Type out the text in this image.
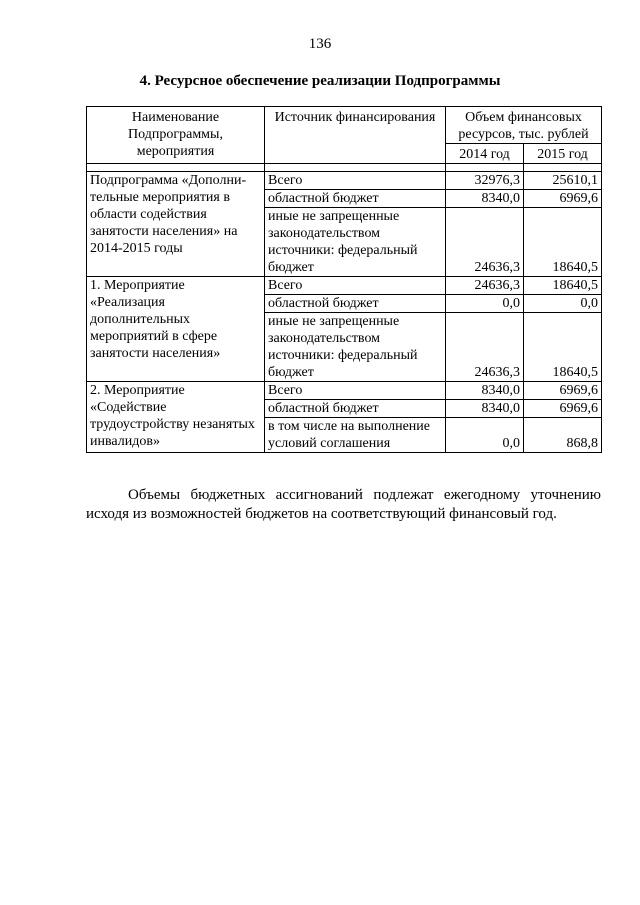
136
4. Ресурсное обеспечение реализации Подпрограммы
Наименование Подпрограммы, мероприятия	Источник финансирования	Объем финансовых ресурсов, тыс. рублей	
		2014 год	2015 год

Подпрограмма «Дополни-тельные мероприятия в области содействия занятости населения» на 2014-2015 годы	Всего	32976,3	25610,1
	областной бюджет	8340,0	6969,6
	иные не запрещенные законодательством источники: федеральный бюджет	24636,3	18640,5
1. Мероприятие «Реализация дополнительных мероприятий в сфере занятости населения»	Всего	24636,3	18640,5
	областной бюджет	0,0	0,0
	иные не запрещенные законодательством источники: федеральный бюджет	24636,3	18640,5
2. Мероприятие «Содействие трудоустройству незанятых инвалидов»	Всего	8340,0	6969,6
	областной бюджет	8340,0	6969,6
	в том числе на выполнение условий соглашения	0,0	868,8
Объемы бюджетных ассигнований подлежат ежегодному уточнению исходя из возможностей бюджетов на соответствующий финансовый год.
